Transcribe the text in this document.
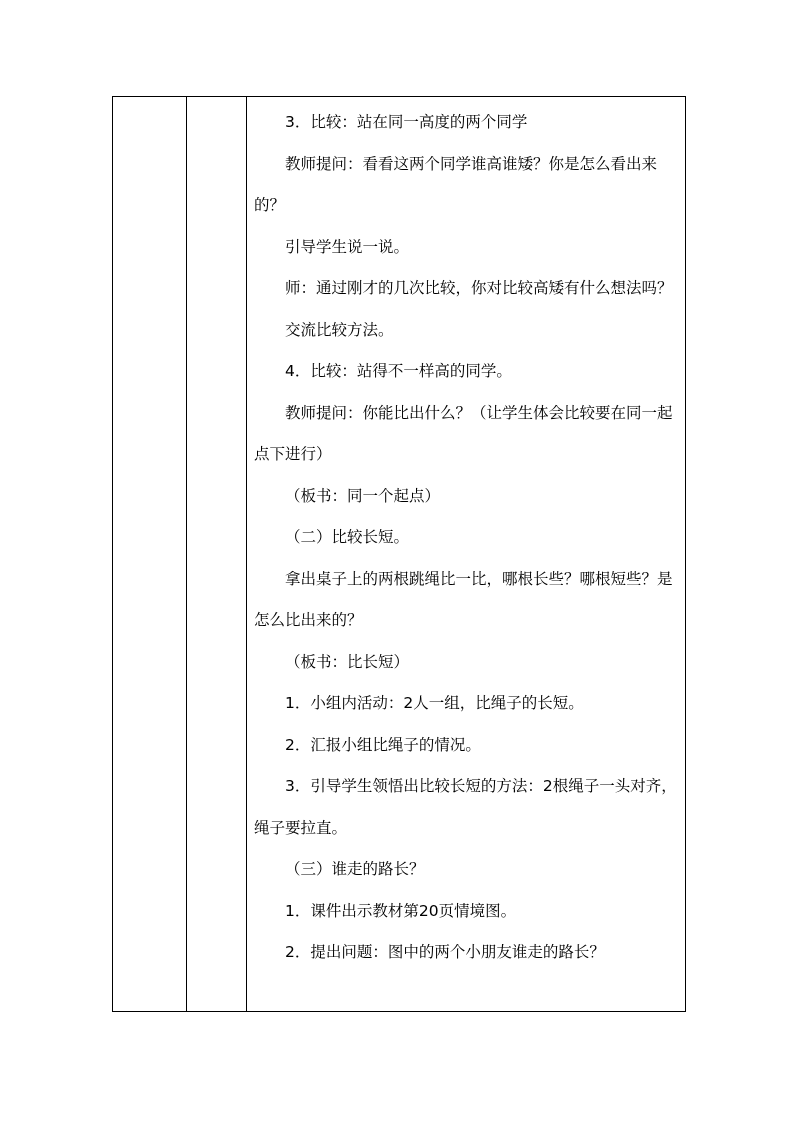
3．比较：站在同一高度的两个同学

教师提问：看看这两个同学谁高谁矮？你是怎么看出来的？

引导学生说一说。

师：通过刚才的几次比较，你对比较高矮有什么想法吗？

交流比较方法。

4．比较：站得不一样高的同学。

教师提问：你能比出什么？（让学生体会比较要在同一起点下进行）

（板书：同一个起点）

（二）比较长短。

拿出桌子上的两根跳绳比一比，哪根长些？哪根短些？是怎么比出来的？

（板书：比长短）

1．小组内活动：2人一组，比绳子的长短。

2．汇报小组比绳子的情况。

3．引导学生领悟出比较长短的方法：2根绳子一头对齐，绳子要拉直。

（三）谁走的路长？

1．课件出示教材第20页情境图。

2．提出问题：图中的两个小朋友谁走的路长？
